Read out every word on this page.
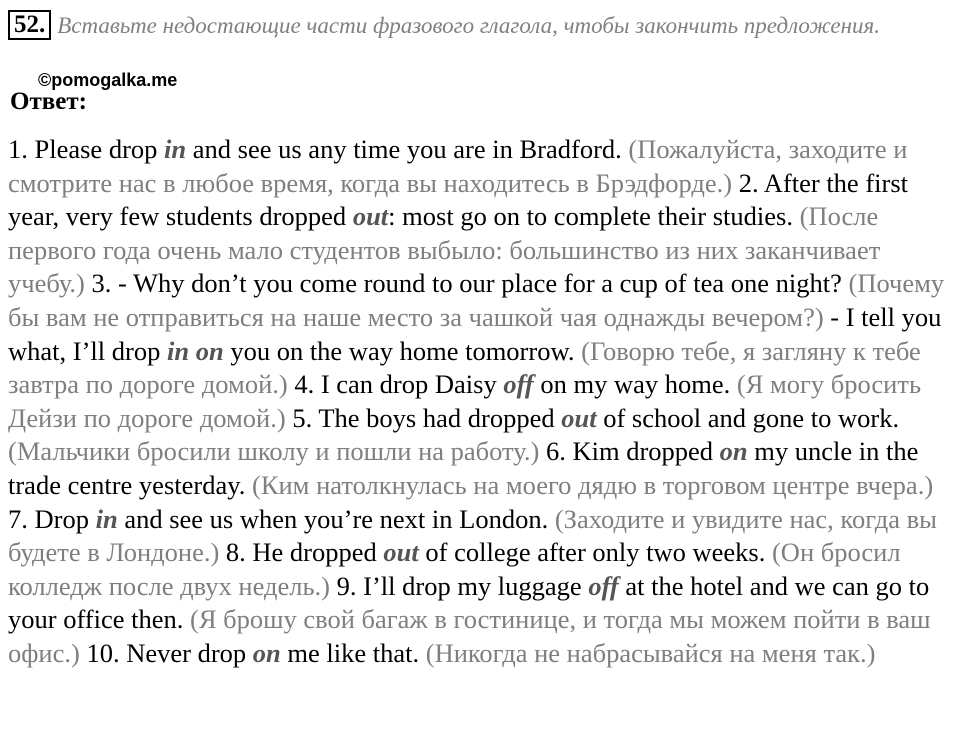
52. Вставьте недостающие части фразового глагола, чтобы закончить предложения.
©pomogalka.me
Ответ:

1. Please drop in and see us any time you are in Bradford. (Пожалуйста, заходите и смотрите нас в любое время, когда вы находитесь в Брэдфорде.) 2. After the first year, very few students dropped out: most go on to complete their studies. (После первого года очень мало студентов выбыло: большинство из них заканчивает учебу.) 3. - Why don’t you come round to our place for a cup of tea one night? (Почему бы вам не отправиться на наше место за чашкой чая однажды вечером?) - I tell you what, I’ll drop in on you on the way home tomorrow. (Говорю тебе, я загляну к тебе завтра по дороге домой.) 4. I can drop Daisy off on my way home. (Я могу бросить Дейзи по дороге домой.) 5. The boys had dropped out of school and gone to work. (Мальчики бросили школу и пошли на работу.) 6. Kim dropped on my uncle in the trade centre yesterday. (Ким натолкнулась на моего дядю в торговом центре вчера.) 7. Drop in and see us when you’re next in London. (Заходите и увидите нас, когда вы будете в Лондоне.) 8. He dropped out of college after only two weeks. (Он бросил колледж после двух недель.) 9. I’ll drop my luggage off at the hotel and we can go to your office then. (Я брошу свой багаж в гостинице, и тогда мы можем пойти в ваш офис.) 10. Never drop on me like that. (Никогда не набрасывайся на меня так.)
